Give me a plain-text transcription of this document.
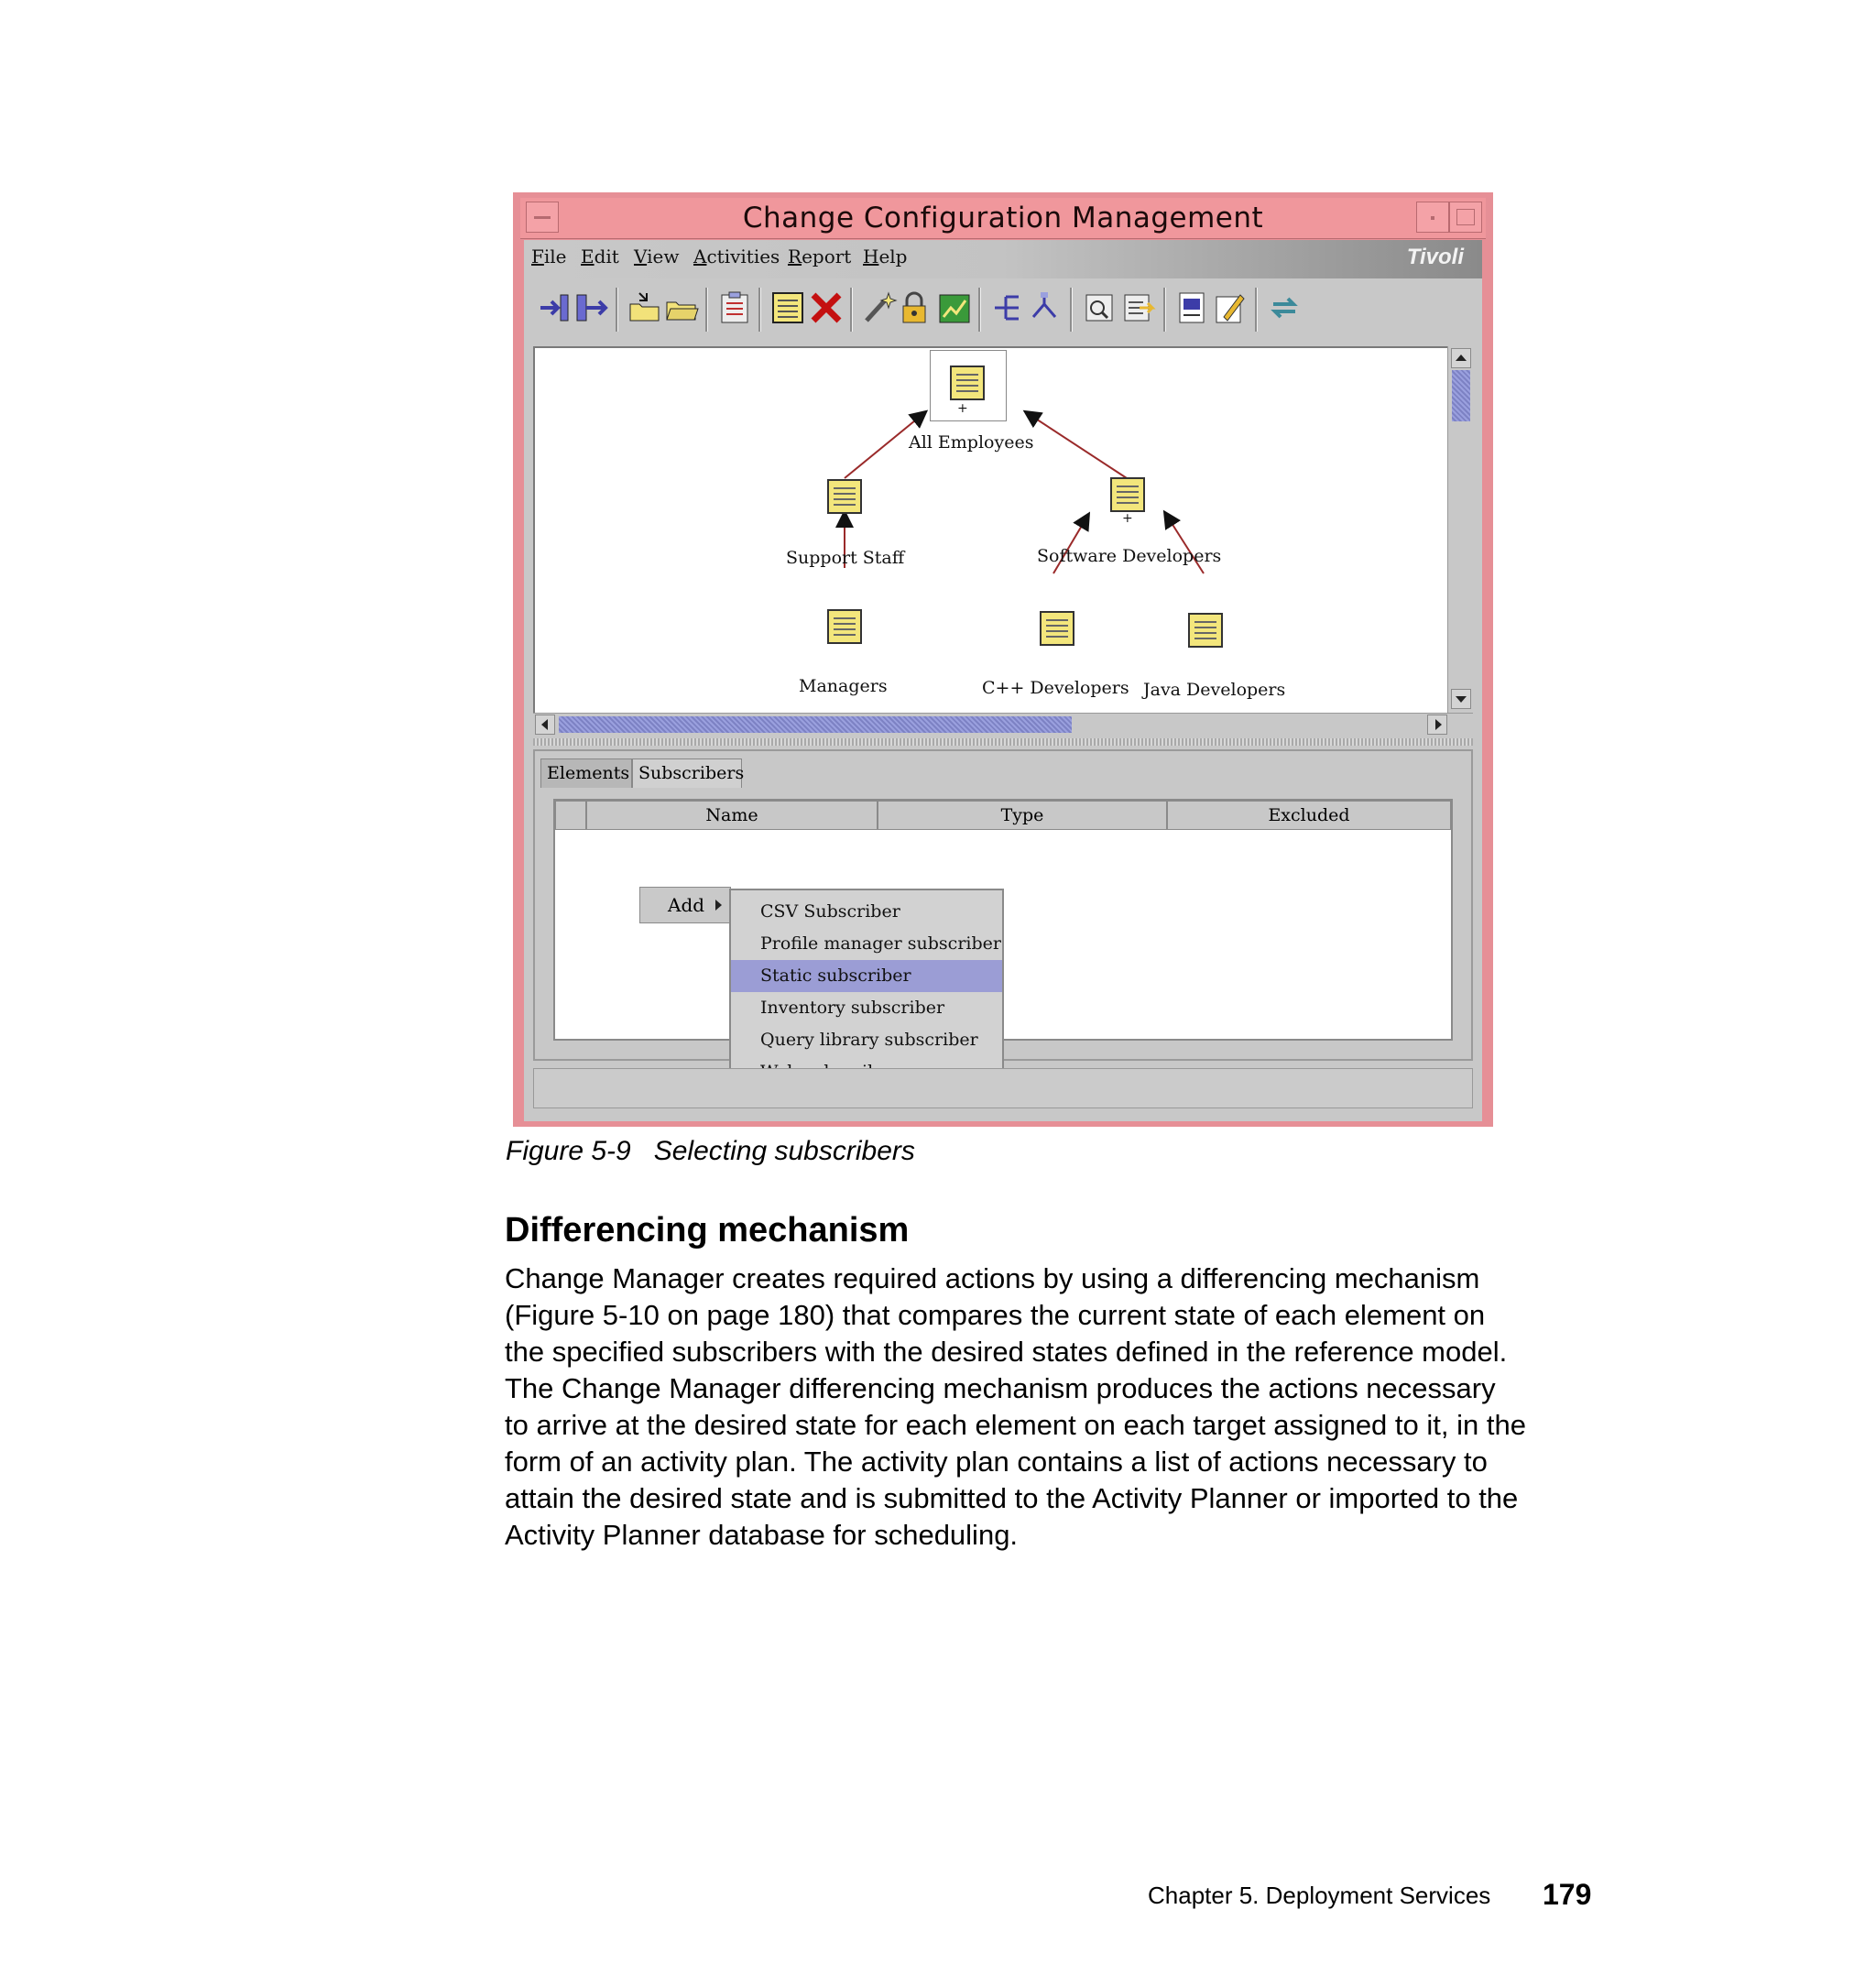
Change Configuration Management
File Edit View Activities Report Help	Tivoli
+
All Employees
+
Support Staff
+
Software Developers
Managers	C++ Developers Java Developers
Elements Subscribers
Name	Type	Excluded
Add	CSV Subscriber
Profile manager subscriber
Static subscriber
Inventory subscriber
Query library subscriber
Figure 5-9   Selecting subscribers
Differencing mechanism
Change Manager creates required actions by using a differencing mechanism
(Figure 5-10 on page 180) that compares the current state of each element on
the specified subscribers with the desired states defined in the reference model.
The Change Manager differencing mechanism produces the actions necessary
to arrive at the desired state for each element on each target assigned to it, in the
form of an activity plan. The activity plan contains a list of actions necessary to
attain the desired state and is submitted to the Activity Planner or imported to the
Activity Planner database for scheduling.
Chapter 5. Deployment Services 179
